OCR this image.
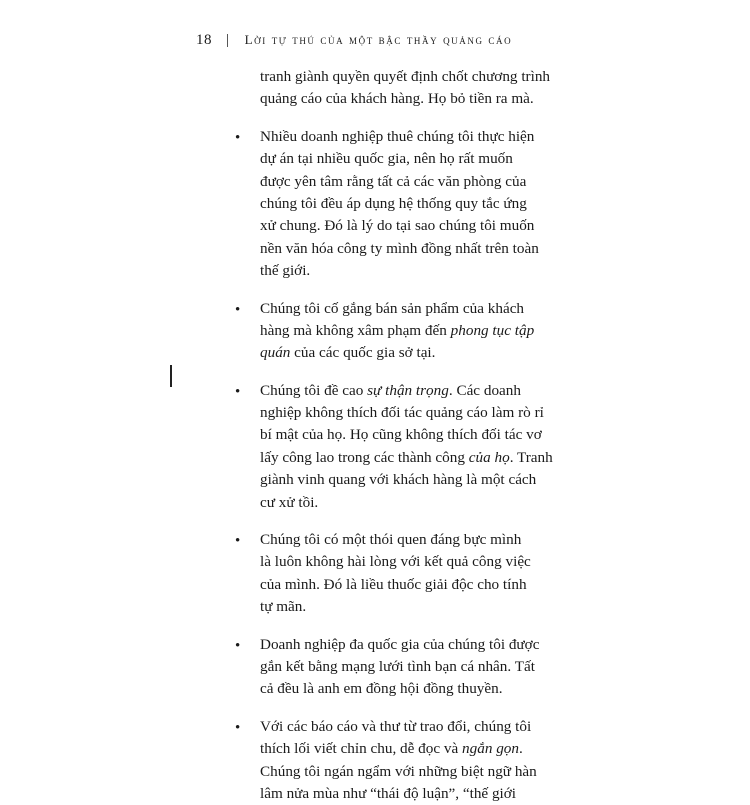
18 | Lời tự thú của một bậc thầy quảng cáo
tranh giành quyền quyết định chốt chương trình
quảng cáo của khách hàng. Họ bỏ tiền ra mà.
•	Nhiều doanh nghiệp thuê chúng tôi thực hiện
dự án tại nhiều quốc gia, nên họ rất muốn
được yên tâm rằng tất cả các văn phòng của
chúng tôi đều áp dụng hệ thống quy tắc ứng
xử chung. Đó là lý do tại sao chúng tôi muốn
nền văn hóa công ty mình đồng nhất trên toàn
thế giới.
•	Chúng tôi cố gắng bán sản phẩm của khách
hàng mà không xâm phạm đến phong tục tập
quán của các quốc gia sở tại.
•	Chúng tôi đề cao sự thận trọng. Các doanh
nghiệp không thích đối tác quảng cáo làm rò rỉ
bí mật của họ. Họ cũng không thích đối tác vơ
lấy công lao trong các thành công của họ. Tranh
giành vinh quang với khách hàng là một cách
cư xử tồi.
•	Chúng tôi có một thói quen đáng bực mình
là luôn không hài lòng với kết quả công việc
của mình. Đó là liều thuốc giải độc cho tính
tự mãn.
•	Doanh nghiệp đa quốc gia của chúng tôi được
gắn kết bằng mạng lưới tình bạn cá nhân. Tất
cả đều là anh em đồng hội đồng thuyền.
•	Với các báo cáo và thư từ trao đổi, chúng tôi
thích lối viết chỉn chu, dễ đọc và ngắn gọn.
Chúng tôi ngán ngẩm với những biệt ngữ hàn
lâm nửa mùa như “thái độ luận”, “thế giới
